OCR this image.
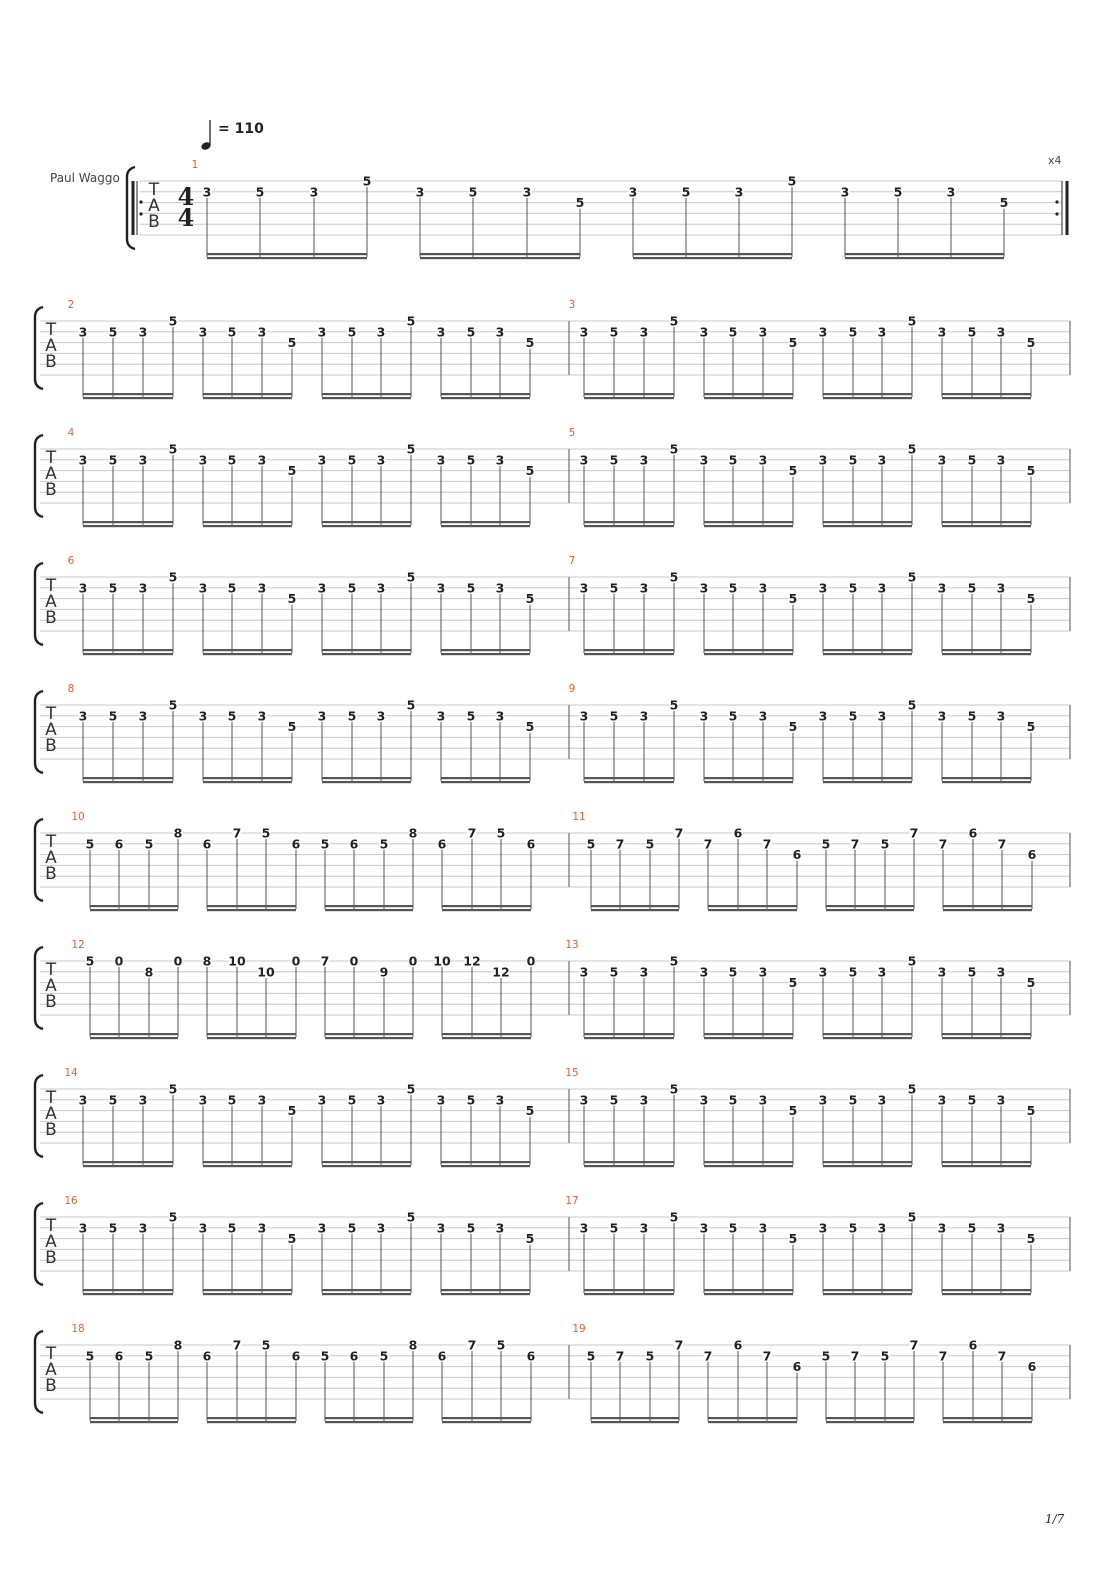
T
A
B
4
4
1
3	5	3
5
3	5	3
5
3	5	3
5
3	5	3
5
T
A
B
2
3 5 3
5
3 5 3
5
3 5 3
5
3 5 3
5
3
3 5 3
5
3 5 3
5
3 5 3
5
3 5 3
5
T
A
B
4
3 5 3
5
3 5 3
5
3 5 3
5
3 5 3
5
5
3 5 3
5
3 5 3
5
3 5 3
5
3 5 3
5
T
A
B
6
3 5 3
5
3 5 3
5
3 5 3
5
3 5 3
5
7
3 5 3
5
3 5 3
5
3 5 3
5
3 5 3
5
T
A
B
8
3 5 3
5
3 5 3
5
3 5 3
5
3 5 3
5
9
3 5 3
5
3 5 3
5
3 5 3
5
3 5 3
5
T
A
B
10
5 6 5
8
6
7 5
6 5 6 5
8
6
7 5
6
11
5 7 5
7
7
6
7
6
5 7 5
7
7
6
7
6
T
A
B
12
5 0
8
0 8 10
10
0 7 0
9
0 10 12
12
0
13
3 5 3
5
3 5 3
5
3 5 3
5
3 5 3
5
T
A
B
14
3 5 3
5
3 5 3
5
3 5 3
5
3 5 3
5
15
3 5 3
5
3 5 3
5
3 5 3
5
3 5 3
5
T
A
B
16
3 5 3
5
3 5 3
5
3 5 3
5
3 5 3
5
17
3 5 3
5
3 5 3
5
3 5 3
5
3 5 3
5
T
A
B
18
5 6 5
8
6
7 5
6 5 6 5
8
6
7 5
6
19
5 7 5
7
7
6
7
6
5 7 5
7
7
6
7
6
= 110
Paul Waggo
x4
1/7
